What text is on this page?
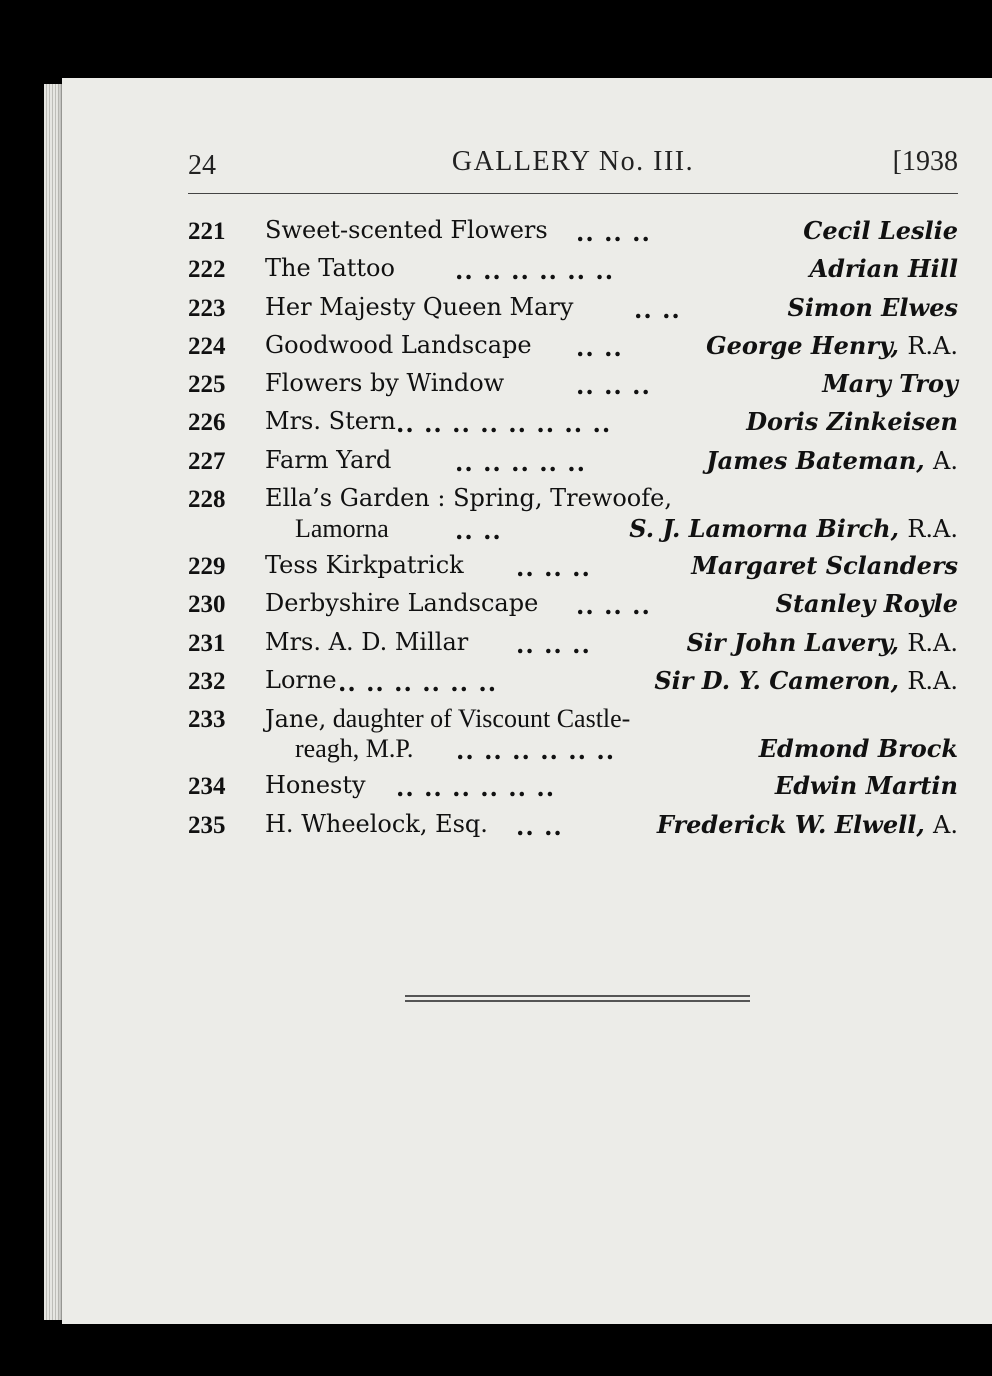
24	GALLERY No. III.	[1938
221 Sweet-scented Flowers .. .. ..	Cecil Leslie
222 The Tattoo	.. .. .. .. .. ..	Adrian Hill
223 Her Majesty Queen Mary	.. ..	Simon Elwes
224 Goodwood Landscape .. ..	George Henry, R.A.
225 Flowers by Window	.. .. ..	Mary Troy
226 Mrs. Stern .. .. .. .. .. .. .. ..	Doris Zinkeisen
227 Farm Yard	.. .. .. .. ..	James Bateman, A.
228 Ella’s Garden : Spring, Trewoofe,
Lamorna	.. ..	S. J. Lamorna Birch, R.A.
229 Tess Kirkpatrick .. .. ..	Margaret Sclanders
230 Derbyshire Landscape .. .. ..	Stanley Royle
231 Mrs. A. D. Millar .. .. ..	Sir John Lavery, R.A.
232 Lorne .. .. .. .. .. ..	Sir D. Y. Cameron, R.A.
233 Jane, daughter of Viscount Castle-
reagh, M.P. .. .. .. .. .. ..	Edmond Brock
234 Honesty .. .. .. .. .. ..	Edwin Martin
235 H. Wheelock, Esq. .. ..	Frederick W. Elwell, A.
